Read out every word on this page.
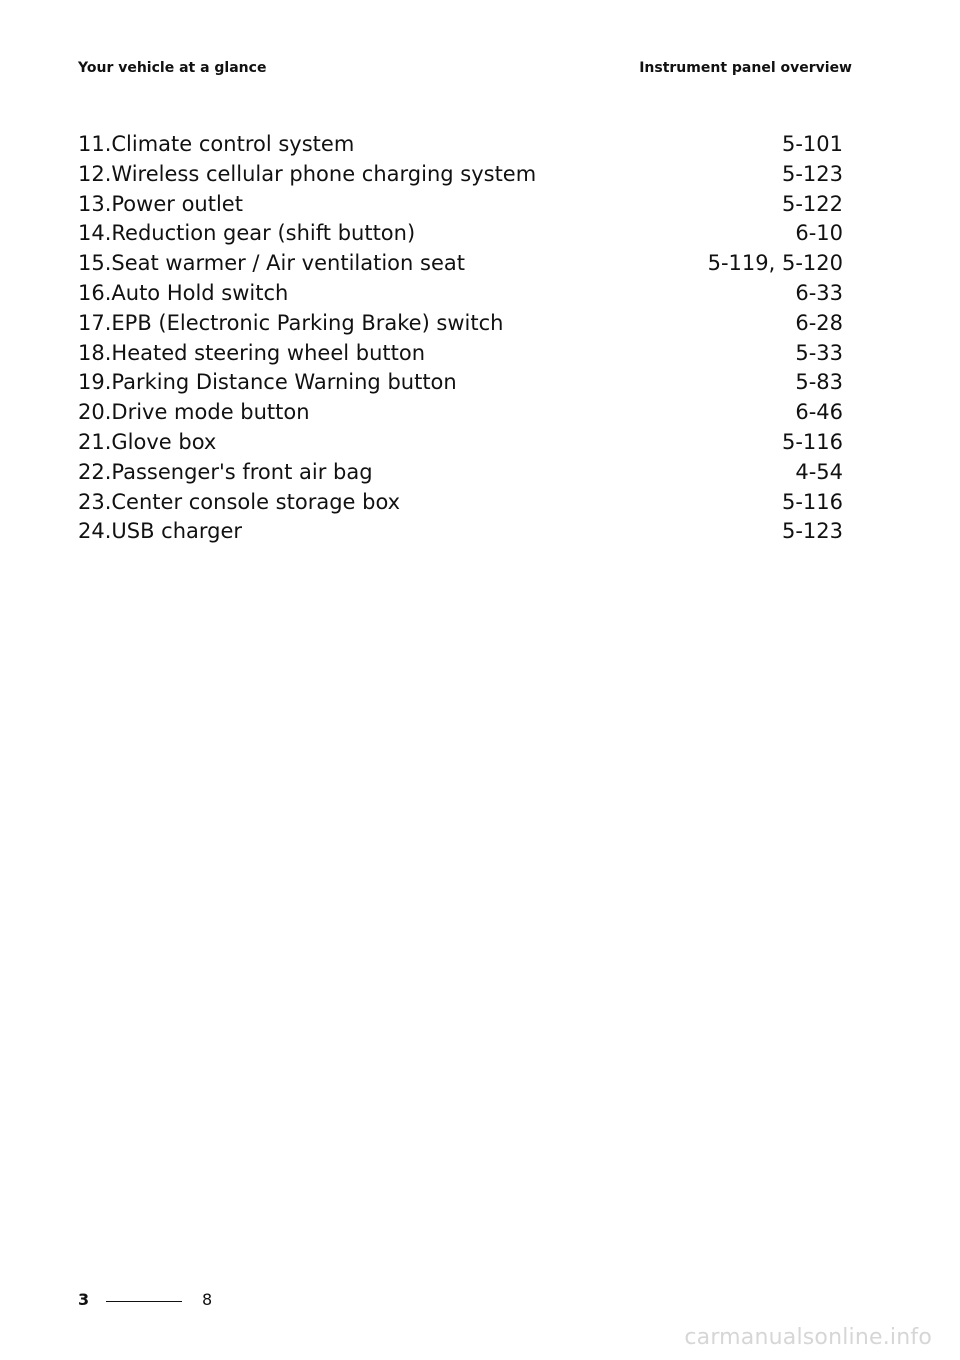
Your vehicle at a glance	Instrument panel overview
11.Climate control system	5-101
12.Wireless cellular phone charging system	5-123
13.Power outlet	5-122
14.Reduction gear (shift button)	6-10
15.Seat warmer / Air ventilation seat	5-119, 5-120
16.Auto Hold switch	6-33
17.EPB (Electronic Parking Brake) switch	6-28
18.Heated steering wheel button	5-33
19.Parking Distance Warning button	5-83
20.Drive mode button	6-46
21.Glove box	5-116
22.Passenger's front air bag	4-54
23.Center console storage box	5-116
24.USB charger	5-123
3	8
carmanualsonline.info
